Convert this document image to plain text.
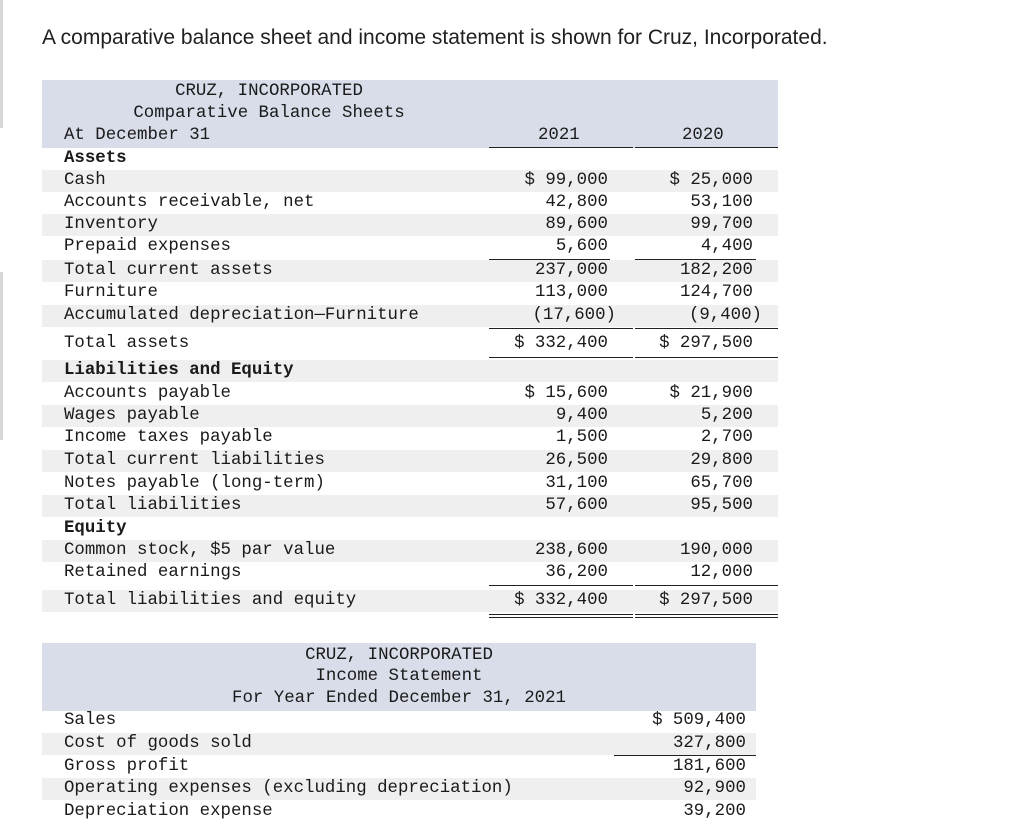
A comparative balance sheet and income statement is shown for Cruz, Incorporated.
CRUZ, INCORPORATED
Comparative Balance Sheets
At December 31	2021	2020
Assets
Cash	$ 99,000	$ 25,000
Accounts receivable, net	42,800	53,100
Inventory	89,600	99,700
Prepaid expenses	5,600	4,400
Total current assets	237,000	182,200
Furniture	113,000	124,700
Accumulated depreciation—Furniture	(17,600)	(9,400)
Total assets	$ 332,400	$ 297,500
Liabilities and Equity
Accounts payable	$ 15,600	$ 21,900
Wages payable	9,400	5,200
Income taxes payable	1,500	2,700
Total current liabilities	26,500	29,800
Notes payable (long-term)	31,100	65,700
Total liabilities	57,600	95,500
Equity
Common stock, $5 par value	238,600	190,000
Retained earnings	36,200	12,000
Total liabilities and equity	$ 332,400	$ 297,500
CRUZ, INCORPORATED
Income Statement
For Year Ended December 31, 2021
Sales	$ 509,400
Cost of goods sold	327,800
Gross profit	181,600
Operating expenses (excluding depreciation)	92,900
Depreciation expense	39,200
